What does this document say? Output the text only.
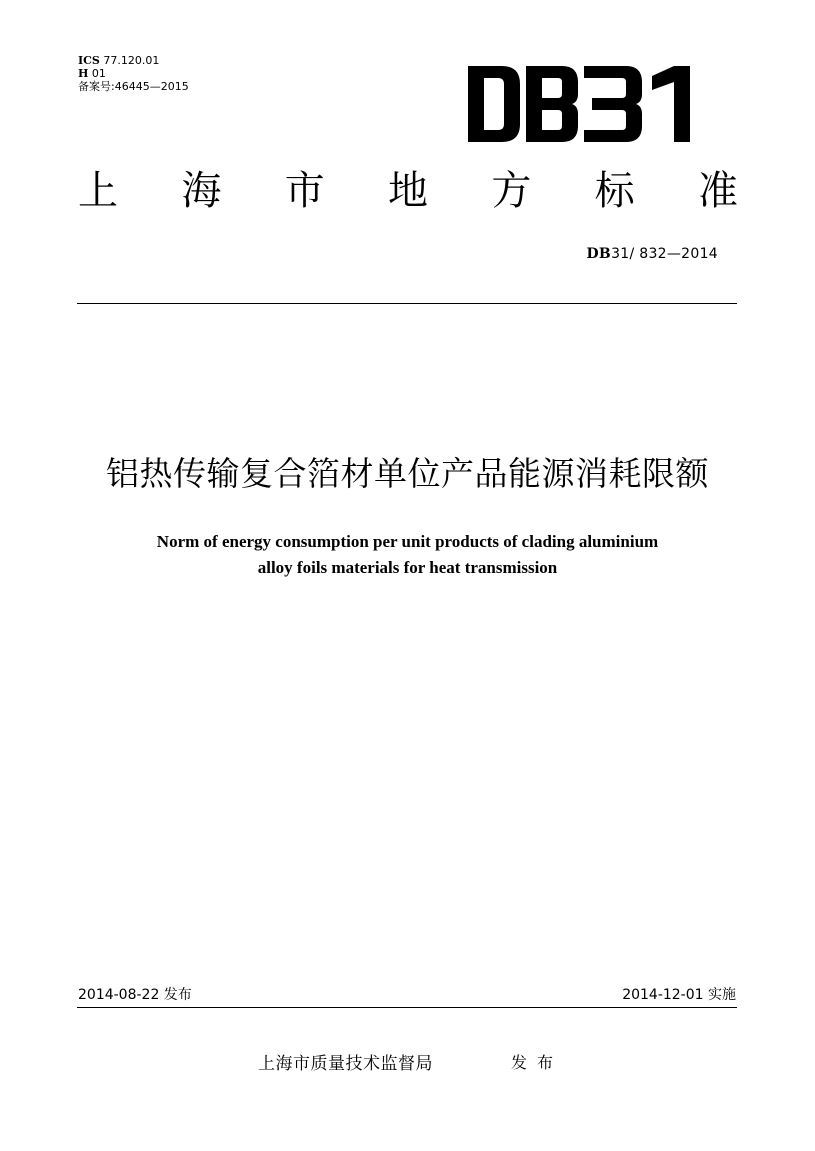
ICS 77.120.01
H 01
备案号:46445—2015
上 海 市 地 方 标 准
DB31/ 832—2014
铝热传输复合箔材单位产品能源消耗限额
Norm of energy consumption per unit products of clading aluminium
alloy foils materials for heat transmission
2014-08-22 发布	2014-12-01 实施
上海市质量技术监督局	发布
